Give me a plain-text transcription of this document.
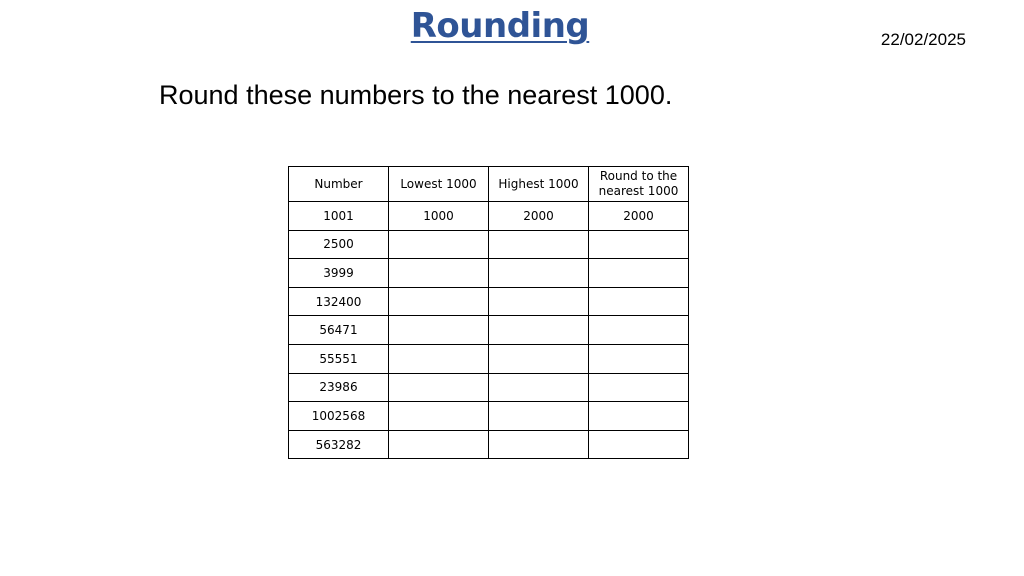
Rounding	22/02/2025
Round these numbers to the nearest 1000.
Number	Lowest 1000	Highest 1000	Round to the nearest 1000
1001	1000	2000	2000
2500			
3999			
132400			
56471			
55551			
23986			
1002568			
563282			
